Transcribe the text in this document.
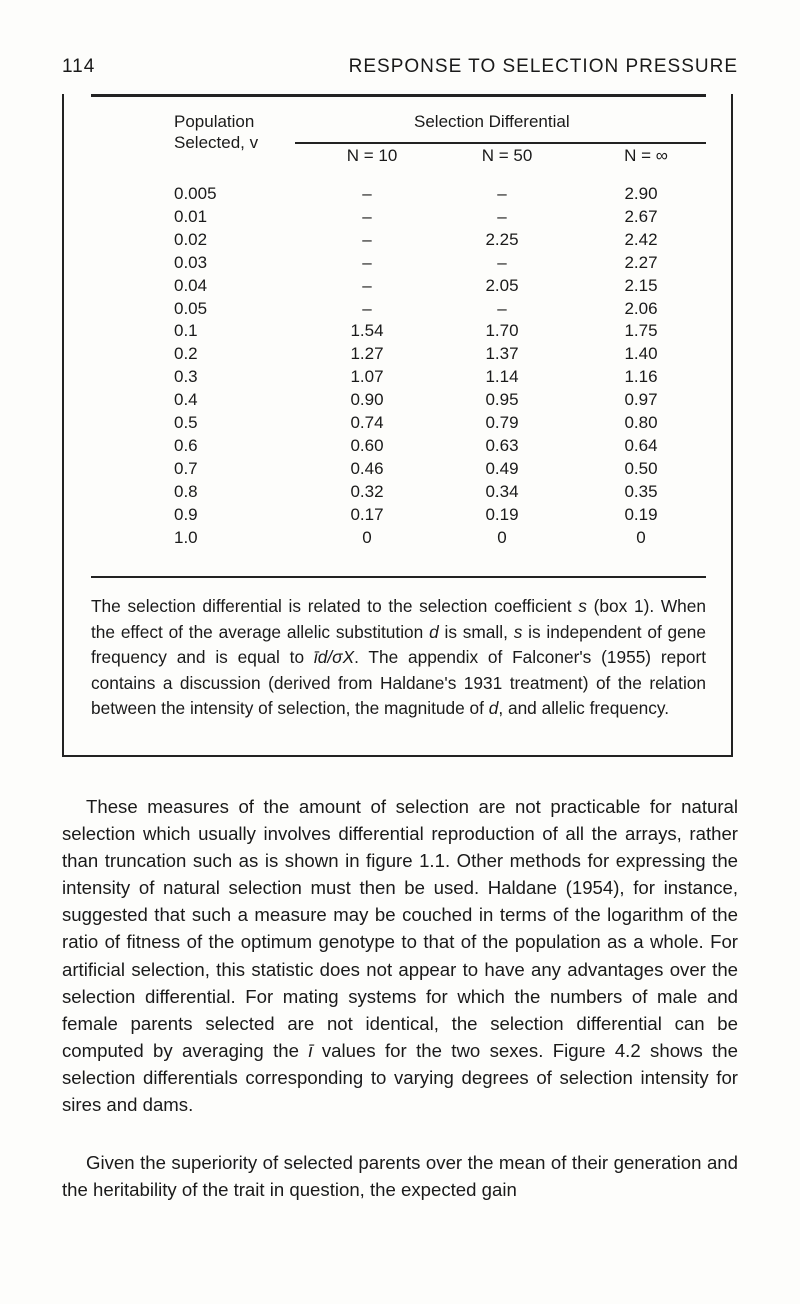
114	RESPONSE TO SELECTION PRESSURE
Population
Selected, v
Selection Differential
N = 10	N = 50	N = ∞
0.005	–	–	2.90
0.01	–	–	2.67
0.02	–	2.25	2.42
0.03	–	–	2.27
0.04	–	2.05	2.15
0.05	–	–	2.06
0.1	1.54	1.70	1.75
0.2	1.27	1.37	1.40
0.3	1.07	1.14	1.16
0.4	0.90	0.95	0.97
0.5	0.74	0.79	0.80
0.6	0.60	0.63	0.64
0.7	0.46	0.49	0.50
0.8	0.32	0.34	0.35
0.9	0.17	0.19	0.19
1.0	0	0	0
The selection differential is related to the selection coefficient s (box 1). When the effect of the average allelic substitution d is small, s is independent of gene frequency and is equal to īd/σX. The appendix of Falconer's (1955) report contains a discussion (derived from Haldane's 1931 treatment) of the relation between the intensity of selection, the magnitude of d, and allelic frequency.

These measures of the amount of selection are not practicable for natural selection which usually involves differential reproduction of all the arrays, rather than truncation such as is shown in figure 1.1. Other methods for expressing the intensity of natural selection must then be used. Haldane (1954), for instance, suggested that such a measure may be couched in terms of the logarithm of the ratio of fitness of the optimum genotype to that of the population as a whole. For artificial selection, this statistic does not appear to have any advantages over the selection differential. For mating systems for which the numbers of male and female parents selected are not identical, the selection differential can be computed by averaging the ī values for the two sexes. Figure 4.2 shows the selection differentials corresponding to varying degrees of selection intensity for sires and dams.

Given the superiority of selected parents over the mean of their generation and the heritability of the trait in question, the expected gain
